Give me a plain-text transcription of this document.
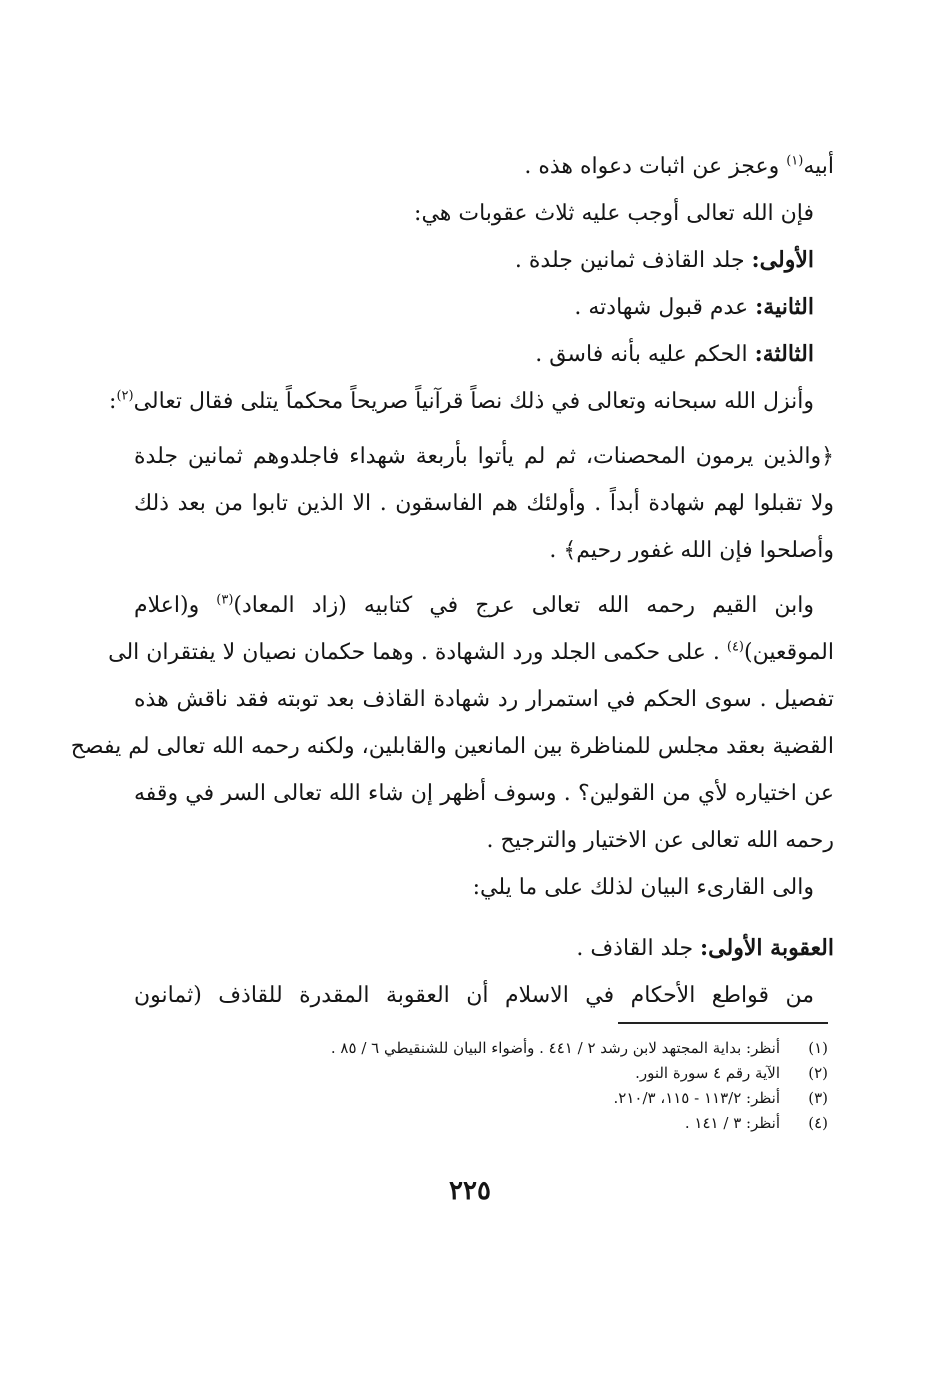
أبيه$^{(١)}$ وعجز عن اثبات دعواه هذه .

فإن الله تعالى أوجب عليه ثلاث عقوبات هي:

الأولى: جلد القاذف ثمانين جلدة .

الثانية: عدم قبول شهادته .

الثالثة: الحكم عليه بأنه فاسق .

وأنزل الله سبحانه وتعالى في ذلك نصاً قرآنياً صريحاً محكماً يتلى فقال تعالى$^{(٢)}$:

﴿والذين يرمون المحصنات، ثم لم يأتوا بأربعة شهداء فاجلدوهم ثمانين جلدة

ولا تقبلوا لهم شهادة أبداً . وأولئك هم الفاسقون . الا الذين تابوا من بعد ذلك

وأصلحوا فإن الله غفور رحيم﴾ .

وابن القيم رحمه الله تعالى عرج في كتابيه (زاد المعاد)$^{(٣)}$ و(اعلام

الموقعين)$^{(٤)}$ . على حكمى الجلد ورد الشهادة . وهما حكمان نصيان لا يفتقران الى

تفصيل . سوى الحكم في استمرار رد شهادة القاذف بعد توبته فقد ناقش هذه

القضية بعقد مجلس للمناظرة بين المانعين والقابلين، ولكنه رحمه الله تعالى لم يفصح

عن اختياره لأي من القولين؟ . وسوف أظهر إن شاء الله تعالى السر في وقفه

رحمه الله تعالى عن الاختيار والترجيح .

والى القارىء البيان لذلك على ما يلي:

العقوبة الأولى: جلد القاذف .

من قواطع الأحكام في الاسلام أن العقوبة المقدرة للقاذف (ثمانون

(١)
أنظر: بداية المجتهد لابن رشد ٢ / ٤٤١ . وأضواء البيان للشنقيطي ٦ / ٨٥ .
(٢)
الآية رقم ٤ سورة النور.
(٣)
أنظر: ١١٣/٢ - ١١٥، ٢١٠/٣.
(٤)
أنظر: ٣ / ١٤١ .
٢٢٥
